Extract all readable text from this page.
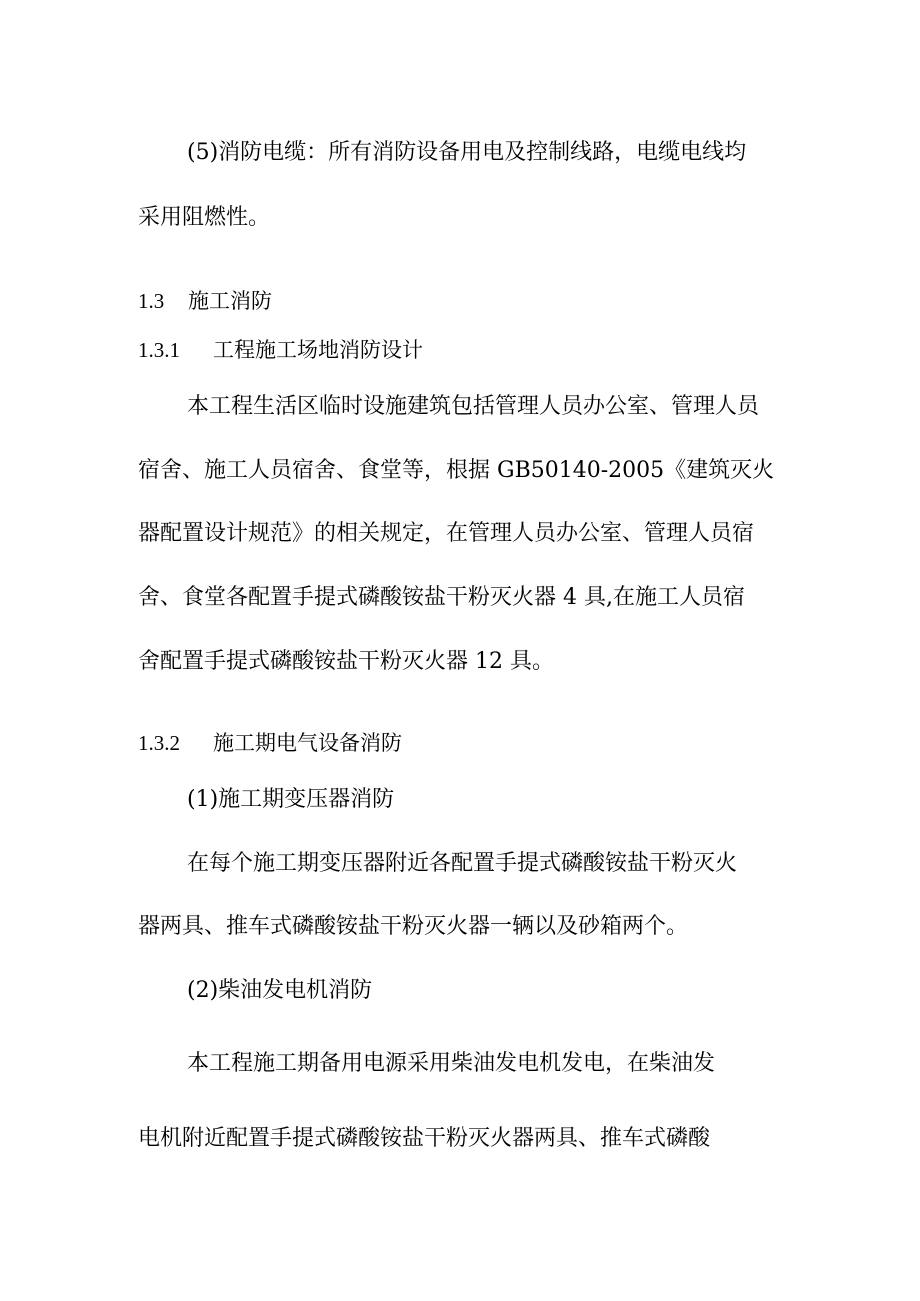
(5)消防电缆：所有消防设备用电及控制线路，电缆电线均
采用阻燃性。
1.3 施工消防
1.3.1 工程施工场地消防设计
本工程生活区临时设施建筑包括管理人员办公室、管理人员
宿舍、施工人员宿舍、食堂等，根据 GB50140-2005《建筑灭火
器配置设计规范》的相关规定，在管理人员办公室、管理人员宿
舍、食堂各配置手提式磷酸铵盐干粉灭火器 4 具,在施工人员宿
舍配置手提式磷酸铵盐干粉灭火器 12 具。
1.3.2 施工期电气设备消防
(1)施工期变压器消防
在每个施工期变压器附近各配置手提式磷酸铵盐干粉灭火
器两具、推车式磷酸铵盐干粉灭火器一辆以及砂箱两个。
(2)柴油发电机消防
本工程施工期备用电源采用柴油发电机发电，在柴油发
电机附近配置手提式磷酸铵盐干粉灭火器两具、推车式磷酸
